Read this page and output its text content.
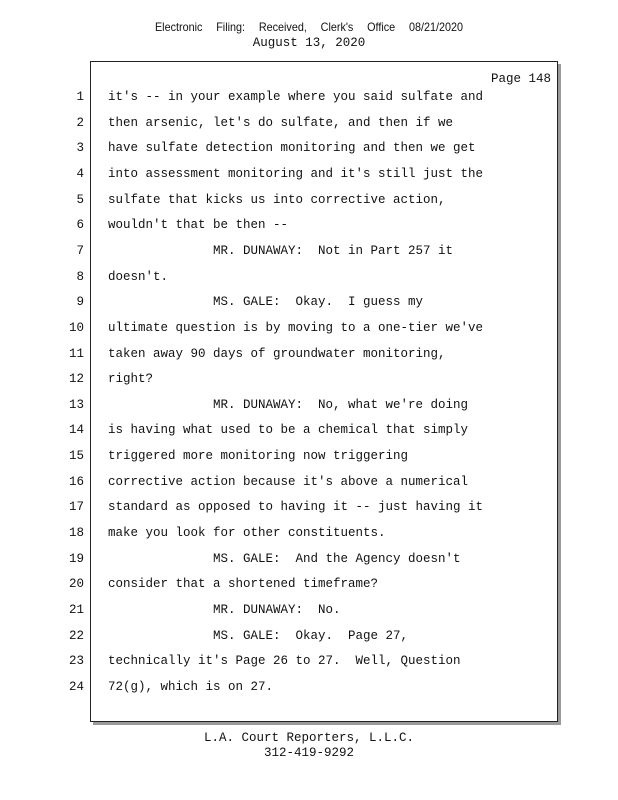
Electronic Filing: Received, Clerk's Office 08/21/2020
August 13, 2020
Page 148
1 it's -- in your example where you said sulfate and
2 then arsenic, let's do sulfate, and then if we
3 have sulfate detection monitoring and then we get
4 into assessment monitoring and it's still just the
5 sulfate that kicks us into corrective action,
6 wouldn't that be then --
7 MR. DUNAWAY:  Not in Part 257 it
8 doesn't.
9 MS. GALE:  Okay.  I guess my
10 ultimate question is by moving to a one-tier we've
11 taken away 90 days of groundwater monitoring,
12 right?
13 MR. DUNAWAY:  No, what we're doing
14 is having what used to be a chemical that simply
15 triggered more monitoring now triggering
16 corrective action because it's above a numerical
17 standard as opposed to having it -- just having it
18 make you look for other constituents.
19 MS. GALE:  And the Agency doesn't
20 consider that a shortened timeframe?
21 MR. DUNAWAY:  No.
22 MS. GALE:  Okay.  Page 27,
23 technically it's Page 26 to 27.  Well, Question
24 72(g), which is on 27.
L.A. Court Reporters, L.L.C.
312-419-9292
